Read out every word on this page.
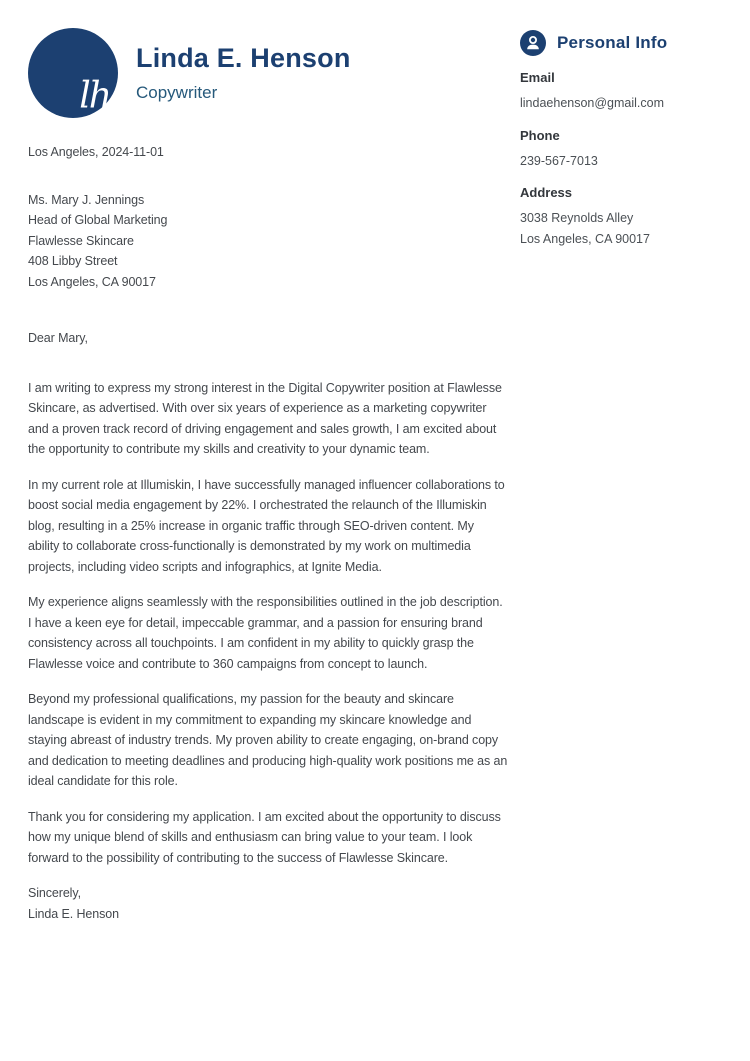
lh
Linda E. Henson
Copywriter
Los Angeles, 2024-11-01
Ms. Mary J. Jennings
Head of Global Marketing
Flawlesse Skincare
408 Libby Street
Los Angeles, CA 90017
Dear Mary,

I am writing to express my strong interest in the Digital Copywriter position at Flawlesse Skincare, as advertised. With over six years of experience as a marketing copywriter and a proven track record of driving engagement and sales growth, I am excited about the opportunity to contribute my skills and creativity to your dynamic team.

In my current role at Illumiskin, I have successfully managed influencer collaborations to boost social media engagement by 22%. I orchestrated the relaunch of the Illumiskin blog, resulting in a 25% increase in organic traffic through SEO-driven content. My ability to collaborate cross-functionally is demonstrated by my work on multimedia projects, including video scripts and infographics, at Ignite Media.

My experience aligns seamlessly with the responsibilities outlined in the job description. I have a keen eye for detail, impeccable grammar, and a passion for ensuring brand consistency across all touchpoints. I am confident in my ability to quickly grasp the Flawlesse voice and contribute to 360 campaigns from concept to launch.

Beyond my professional qualifications, my passion for the beauty and skincare landscape is evident in my commitment to expanding my skincare knowledge and staying abreast of industry trends. My proven ability to create engaging, on-brand copy and dedication to meeting deadlines and producing high-quality work positions me as an ideal candidate for this role.

Thank you for considering my application. I am excited about the opportunity to discuss how my unique blend of skills and enthusiasm can bring value to your team. I look forward to the possibility of contributing to the success of Flawlesse Skincare.

Sincerely,
Linda E. Henson
Personal Info
Email
lindaehenson@gmail.com
Phone
239-567-7013
Address
3038 Reynolds Alley
Los Angeles, CA 90017
